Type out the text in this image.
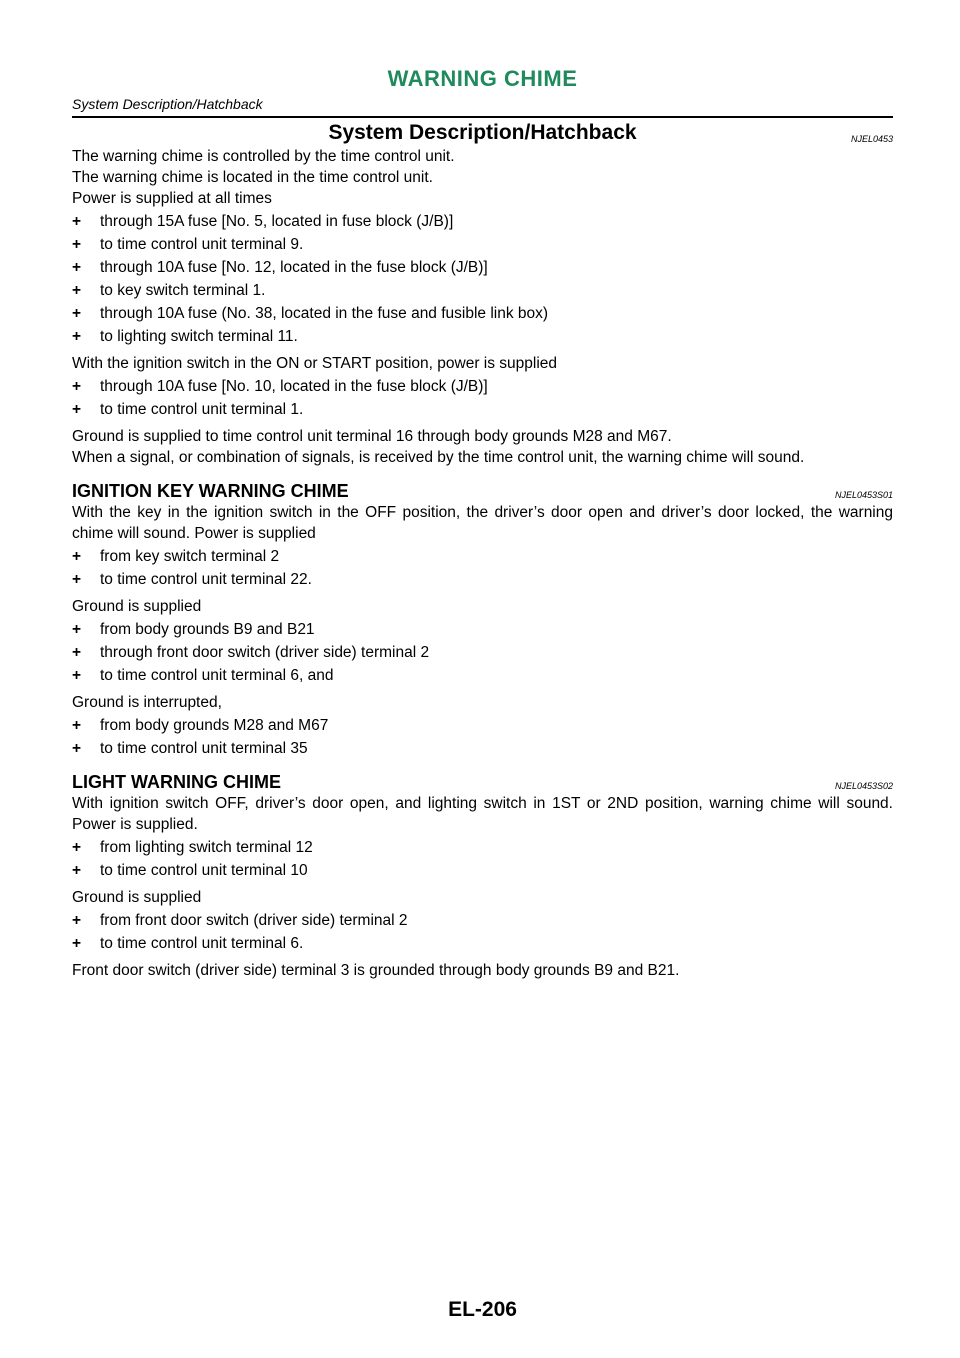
WARNING CHIME
System Description/Hatchback
System Description/Hatchback	NJEL0453

The warning chime is controlled by the time control unit.

The warning chime is located in the time control unit.

Power is supplied at all times

+	through 15A fuse [No. 5, located in fuse block (J/B)]
+	to time control unit terminal 9.
+	through 10A fuse [No. 12, located in the fuse block (J/B)]
+	to key switch terminal 1.
+	through 10A fuse (No. 38, located in the fuse and fusible link box)
+	to lighting switch terminal 11.

With the ignition switch in the ON or START position, power is supplied

+	through 10A fuse [No. 10, located in the fuse block (J/B)]
+	to time control unit terminal 1.

Ground is supplied to time control unit terminal 16 through body grounds M28 and M67.

When a signal, or combination of signals, is received by the time control unit, the warning chime will sound.

IGNITION KEY WARNING CHIME	NJEL0453S01

With the key in the ignition switch in the OFF position, the driver’s door open and driver’s door locked, the warning chime will sound. Power is supplied

+	from key switch terminal 2
+	to time control unit terminal 22.

Ground is supplied

+	from body grounds B9 and B21
+	through front door switch (driver side) terminal 2
+	to time control unit terminal 6, and

Ground is interrupted,

+	from body grounds M28 and M67
+	to time control unit terminal 35
LIGHT WARNING CHIME	NJEL0453S02

With ignition switch OFF, driver’s door open, and lighting switch in 1ST or 2ND position, warning chime will sound. Power is supplied.

+	from lighting switch terminal 12
+	to time control unit terminal 10

Ground is supplied

+	from front door switch (driver side) terminal 2
+	to time control unit terminal 6.

Front door switch (driver side) terminal 3 is grounded through body grounds B9 and B21.

EL-206
